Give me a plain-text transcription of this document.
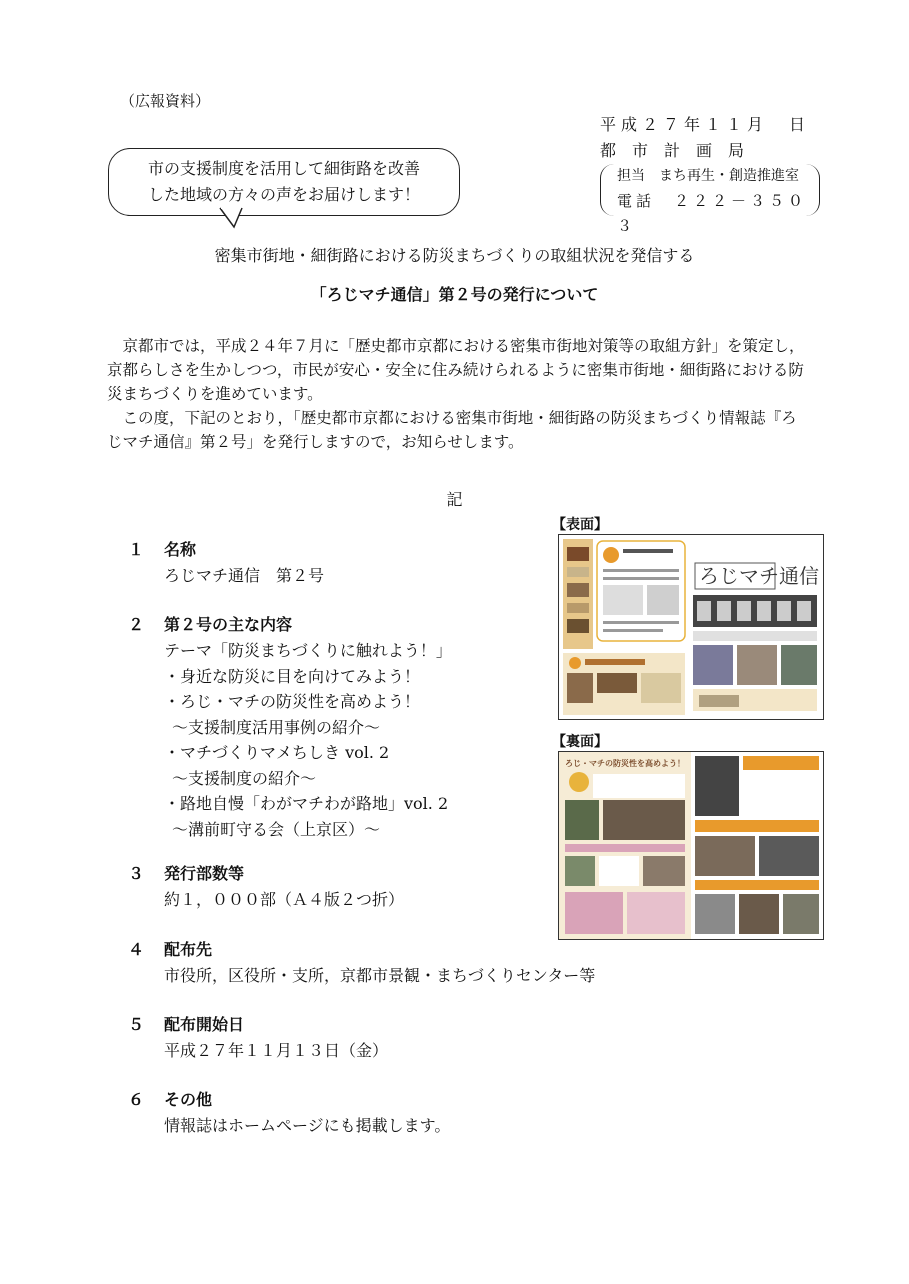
（広報資料）
市の支援制度を活用して細街路を改善
した地域の方々の声をお届けします！
平成２７年１１月　日
都市計画局
担当　まち再生・創造推進室
電話　２２２－３５０３
密集市街地・細街路における防災まちづくりの取組状況を発信する
「ろじマチ通信」第２号の発行について

京都市では，平成２４年７月に「歴史都市京都における密集市街地対策等の取組方針」を策定し，京都らしさを生かしつつ，市民が安心・安全に住み続けられるように密集市街地・細街路における防災まちづくりを進めています。

この度，下記のとおり，「歴史都市京都における密集市街地・細街路の防災まちづくり情報誌『ろじマチ通信』第２号」を発行しますので，お知らせします。

記
１	名称
ろじマチ通信　第２号
２	第２号の主な内容
テーマ「防災まちづくりに触れよう！」
・身近な防災に目を向けてみよう！
・ろじ・マチの防災性を高めよう！
～支援制度活用事例の紹介～
・マチづくりマメちしき vol. 2
～支援制度の紹介～
・路地自慢「わがマチわが路地」vol. 2
～溝前町守る会（上京区）～
３	発行部数等
約１，０００部（Ａ４版２つ折）
４	配布先
市役所，区役所・支所，京都市景観・まちづくりセンター等
５	配布開始日
平成２７年１１月１３日（金）
６	その他
情報誌はホームページにも掲載します。
【表面】
ろじマチ通信
【裏面】
ろじ・マチの防災性を高めよう！
